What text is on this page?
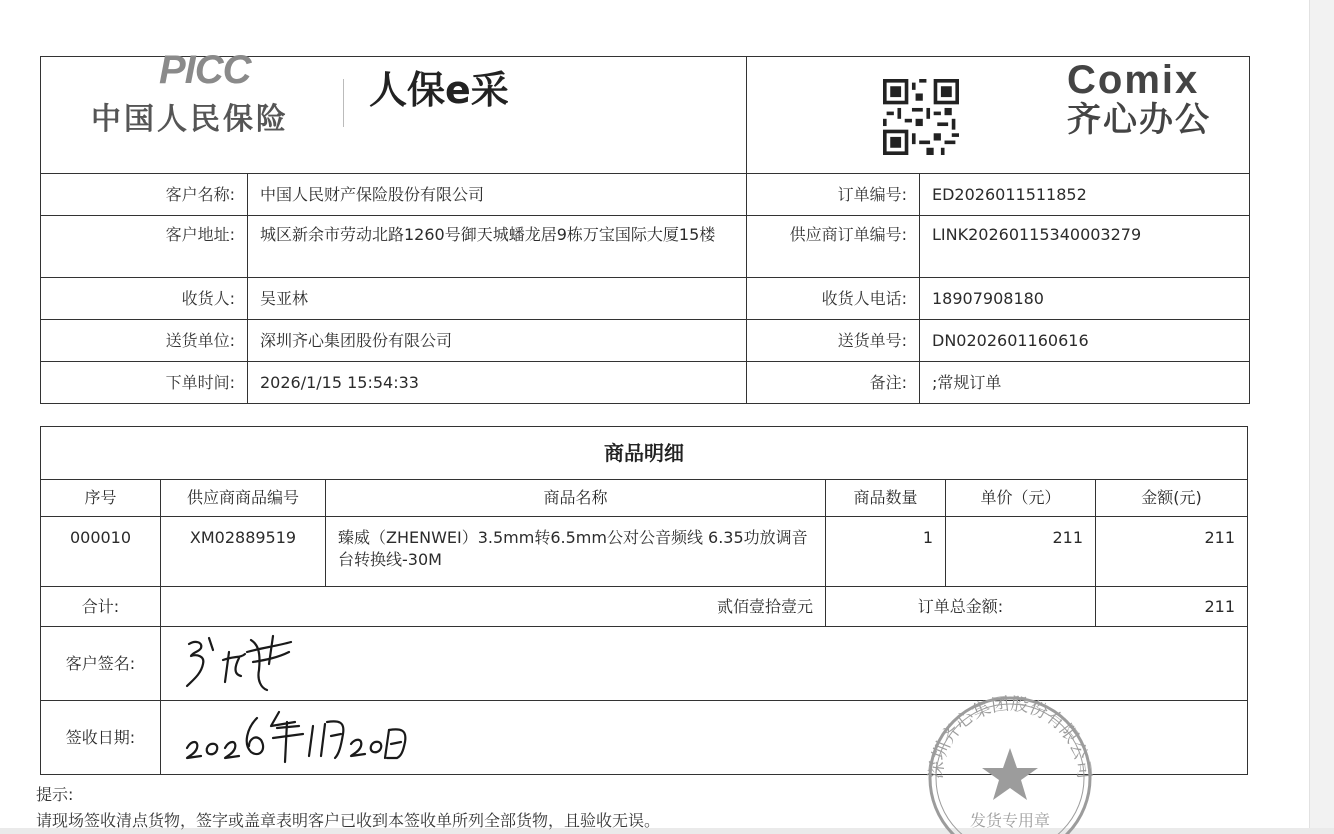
PICC
中国人民保险
人保e采	Comix
齐心办公
客户名称:	中国人民财产保险股份有限公司	订单编号:	ED2026011511852
客户地址:	城区新余市劳动北路1260号御天城蟠龙居9栋万宝国际大厦15楼	供应商订单编号:	LINK20260115340003279
收货人:	吴亚林	收货人电话:	18907908180
送货单位:	深圳齐心集团股份有限公司	送货单号:	DN0202601160616
下单时间:	2026/1/15 15:54:33	备注:	;常规订单
商品明细					
序号	供应商商品编号	商品名称	商品数量	单价（元）	金额(元)
000010	XM02889519	臻威（ZHENWEI）3.5mm转6.5mm公对公音频线 6.35功放调音台转换线-30M	1	211	211
合计:	贰佰壹拾壹元		订单总金额:		211
客户签名:	
签收日期:	
深圳齐心集团股份有限公司
发货专用章
提示:
请现场签收清点货物，签字或盖章表明客户已收到本签收单所列全部货物，且验收无误。
